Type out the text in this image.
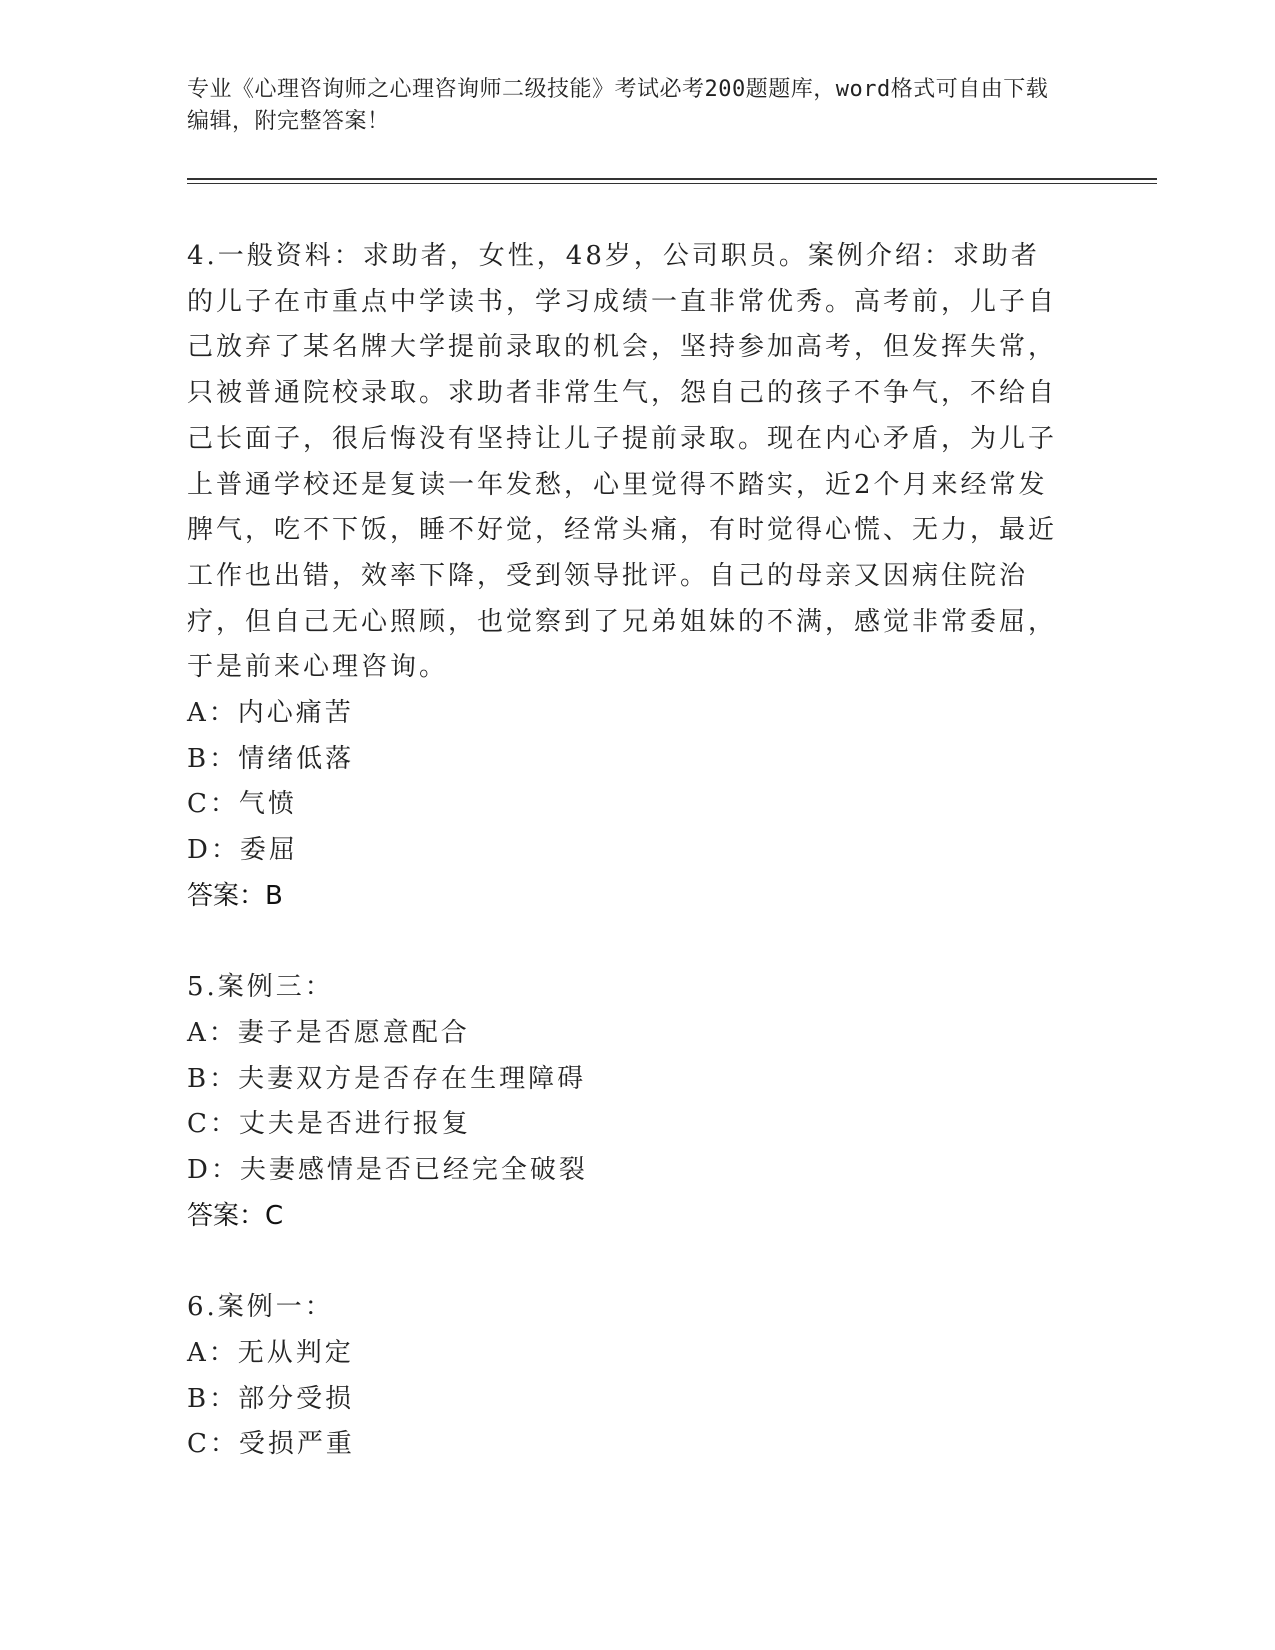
专业《心理咨询师之心理咨询师二级技能》考试必考200题题库，word格式可自由下载编辑，附完整答案！
4.一般资料：求助者，女性，48岁，公司职员。案例介绍：求助者的儿子在市重点中学读书，学习成绩一直非常优秀。高考前，儿子自己放弃了某名牌大学提前录取的机会，坚持参加高考，但发挥失常，只被普通院校录取。求助者非常生气，怨自己的孩子不争气，不给自己长面子，很后悔没有坚持让儿子提前录取。现在内心矛盾，为儿子上普通学校还是复读一年发愁，心里觉得不踏实，近2个月来经常发脾气，吃不下饭，睡不好觉，经常头痛，有时觉得心慌、无力，最近工作也出错，效率下降，受到领导批评。自己的母亲又因病住院治疗，但自己无心照顾，也觉察到了兄弟姐妹的不满，感觉非常委屈，于是前来心理咨询。
A：内心痛苦
B：情绪低落
C：气愤
D：委屈
答案：B
5.案例三：
A：妻子是否愿意配合
B：夫妻双方是否存在生理障碍
C：丈夫是否进行报复
D：夫妻感情是否已经完全破裂
答案：C
6.案例一：
A：无从判定
B：部分受损
C：受损严重
